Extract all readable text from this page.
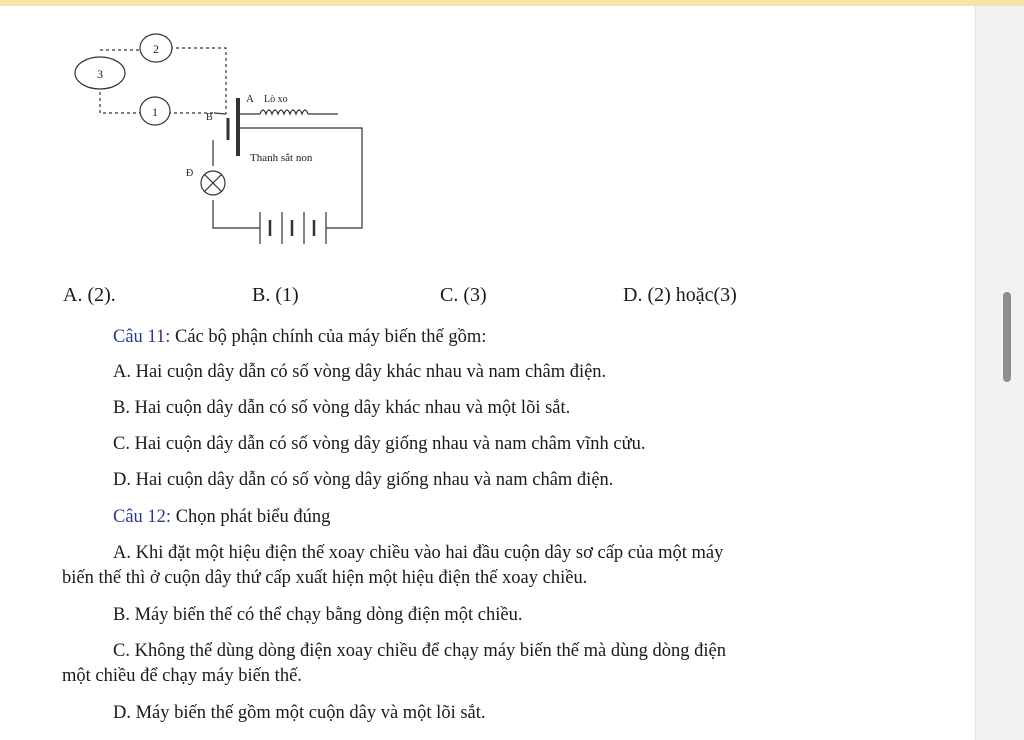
2
3
1
A
B
Đ
Lò xo
Thanh sắt non
A. (2).	B. (1)	C. (3)	D. (2) hoặc(3)
Câu 11: Các bộ phận chính của máy biến thế gồm:
A. Hai cuộn dây dẫn có số vòng dây khác nhau và nam châm điện.
B. Hai cuộn dây dẫn có số vòng dây khác nhau và một lõi sắt.
C. Hai cuộn dây dẫn có số vòng dây giống nhau và nam châm vĩnh cửu.
D. Hai cuộn dây dẫn có số vòng dây giống nhau và nam châm điện.
Câu 12: Chọn phát biểu đúng
A. Khi đặt một hiệu điện thế xoay chiều vào hai đầu cuộn dây sơ cấp của một máy
biến thế thì ở cuộn dây thứ cấp xuất hiện một hiệu điện thế xoay chiều.
B. Máy biến thế có thể chạy bằng dòng điện một chiều.
C. Không thể dùng dòng điện xoay chiều để chạy máy biến thế mà dùng dòng điện
một chiều để chạy máy biến thế.
D. Máy biến thế gồm một cuộn dây và một lõi sắt.
